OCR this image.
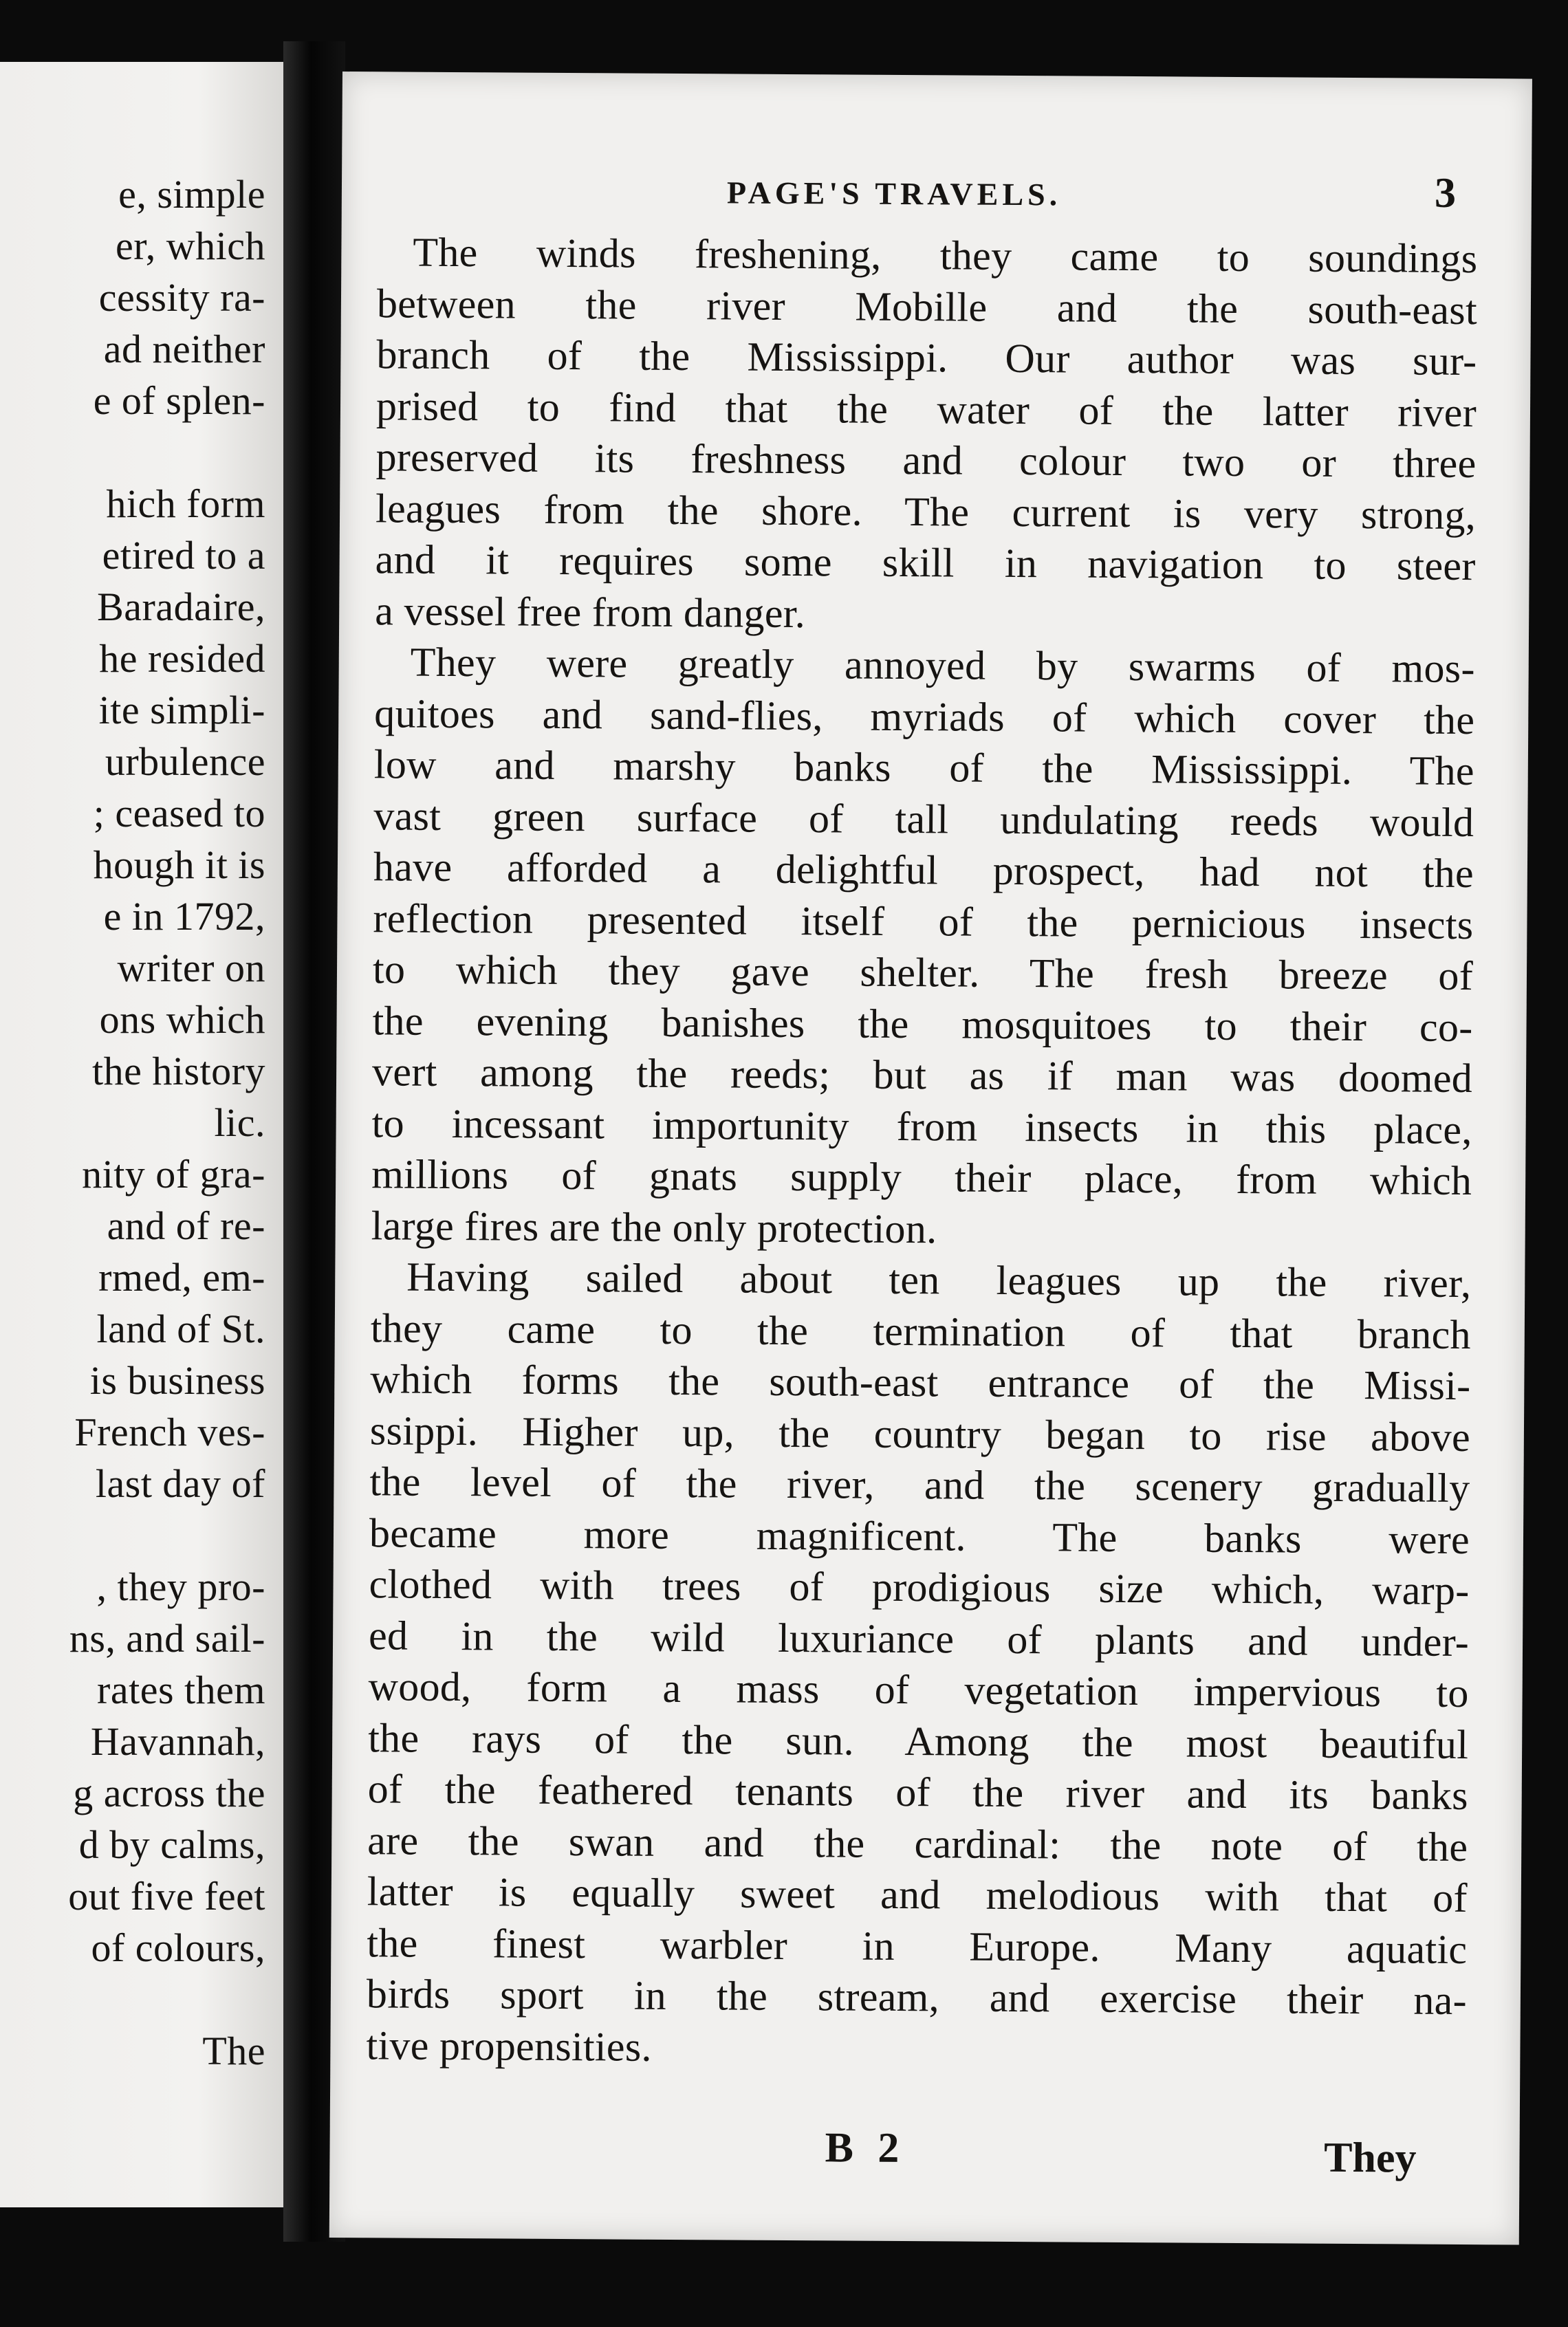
e, simple
er, which
cessity ra-
ad neither
e of splen-
hich form
etired to a
Baradaire,
he resided
ite simpli-
urbulence
; ceased to
hough it is
e in 1792,
writer on
ons which
the history
lic.
nity of gra-
and of re-
rmed, em-
land of St.
is business
French ves-
last day of
, they pro-
ns, and sail-
rates them
Havannah,
g across the
d by calms,
out five feet
of colours,
The
PAGE'S TRAVELS.	3
The winds freshening, they came to soundings
between the river Mobille and the south-east
branch of the Mississippi. Our author was sur-
prised to find that the water of the latter river
preserved its freshness and colour two or three
leagues from the shore. The current is very strong,
and it requires some skill in navigation to steer
a vessel free from danger.
They were greatly annoyed by swarms of mos-
quitoes and sand-flies, myriads of which cover the
low and marshy banks of the Mississippi. The
vast green surface of tall undulating reeds would
have afforded a delightful prospect, had not the
reflection presented itself of the pernicious insects
to which they gave shelter. The fresh breeze of
the evening banishes the mosquitoes to their co-
vert among the reeds; but as if man was doomed
to incessant importunity from insects in this place,
millions of gnats supply their place, from which
large fires are the only protection.
Having sailed about ten leagues up the river,
they came to the termination of that branch
which forms the south-east entrance of the Missi-
ssippi. Higher up, the country began to rise above
the level of the river, and the scenery gradually
became more magnificent. The banks were
clothed with trees of prodigious size which, warp-
ed in the wild luxuriance of plants and under-
wood, form a mass of vegetation impervious to
the rays of the sun. Among the most beautiful
of the feathered tenants of the river and its banks
are the swan and the cardinal: the note of the
latter is equally sweet and melodious with that of
the finest warbler in Europe. Many aquatic
birds sport in the stream, and exercise their na-
tive propensities.
B 2	They
